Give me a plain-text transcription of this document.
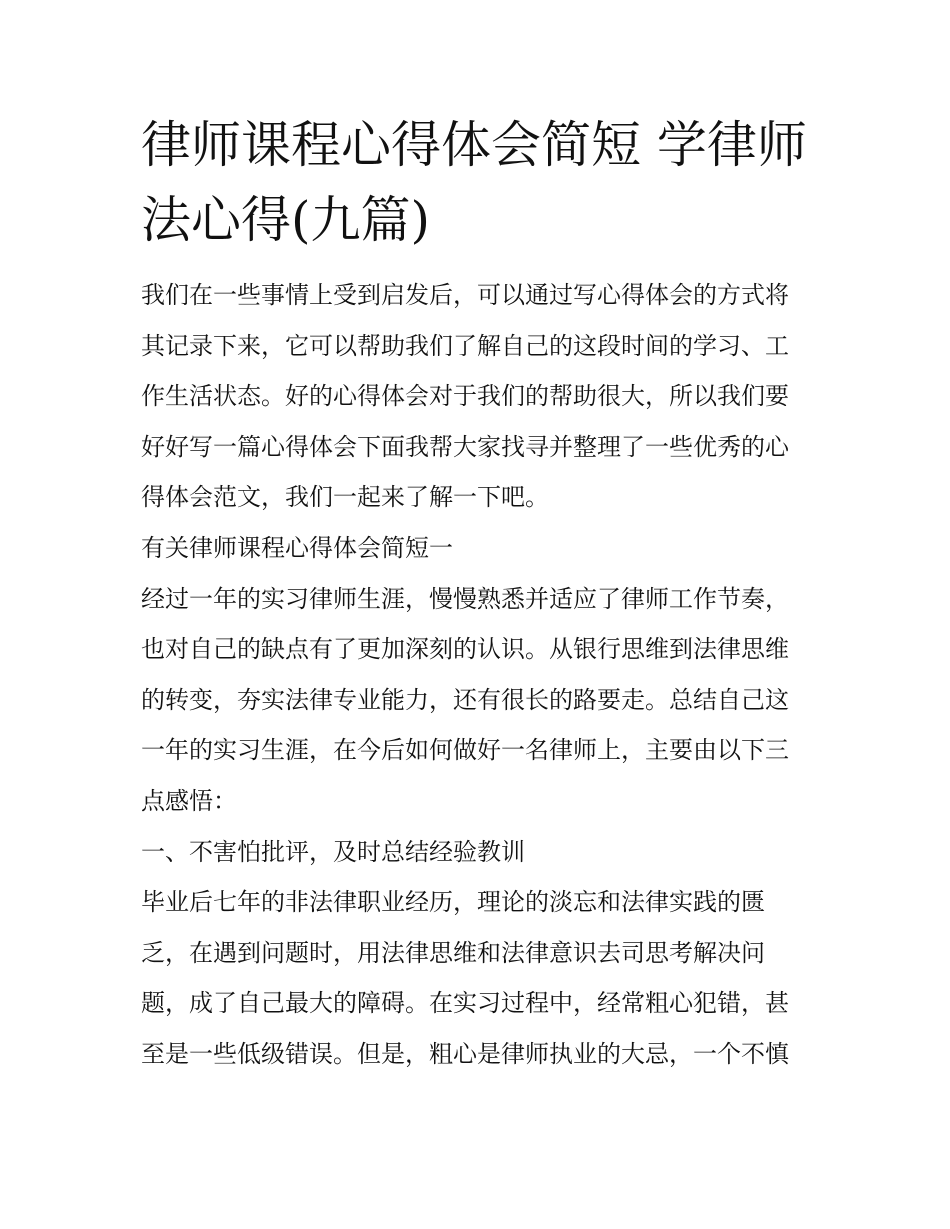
律师课程心得体会简短 学律师
法心得(九篇)

我们在一些事情上受到启发后，可以通过写心得体会的方式将

其记录下来，它可以帮助我们了解自己的这段时间的学习、工

作生活状态。好的心得体会对于我们的帮助很大，所以我们要

好好写一篇心得体会下面我帮大家找寻并整理了一些优秀的心

得体会范文，我们一起来了解一下吧。

有关律师课程心得体会简短一

经过一年的实习律师生涯，慢慢熟悉并适应了律师工作节奏，

也对自己的缺点有了更加深刻的认识。从银行思维到法律思维

的转变，夯实法律专业能力，还有很长的路要走。总结自己这

一年的实习生涯，在今后如何做好一名律师上，主要由以下三

点感悟：

一、不害怕批评，及时总结经验教训

毕业后七年的非法律职业经历，理论的淡忘和法律实践的匮

乏，在遇到问题时，用法律思维和法律意识去司思考解决问

题，成了自己最大的障碍。在实习过程中，经常粗心犯错，甚

至是一些低级错误。但是，粗心是律师执业的大忌，一个不慎
